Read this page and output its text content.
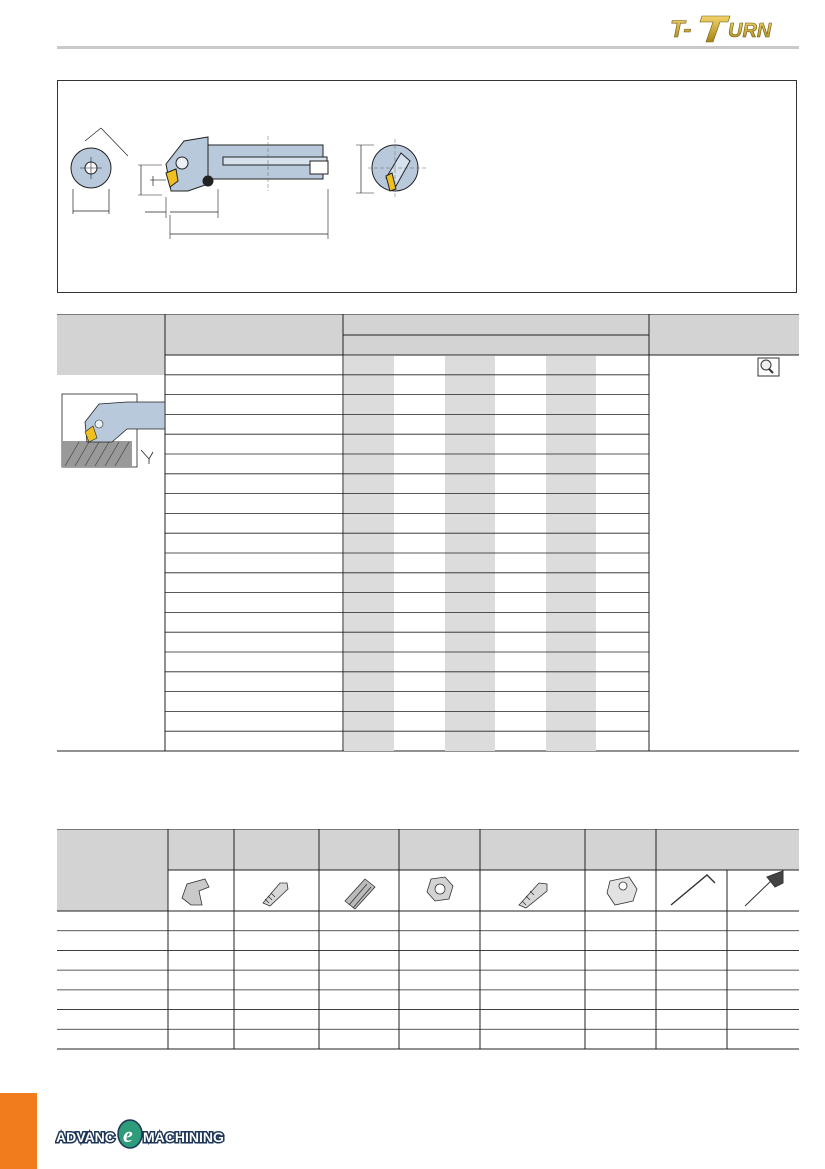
T- URN
ADVANC e MACHINING
